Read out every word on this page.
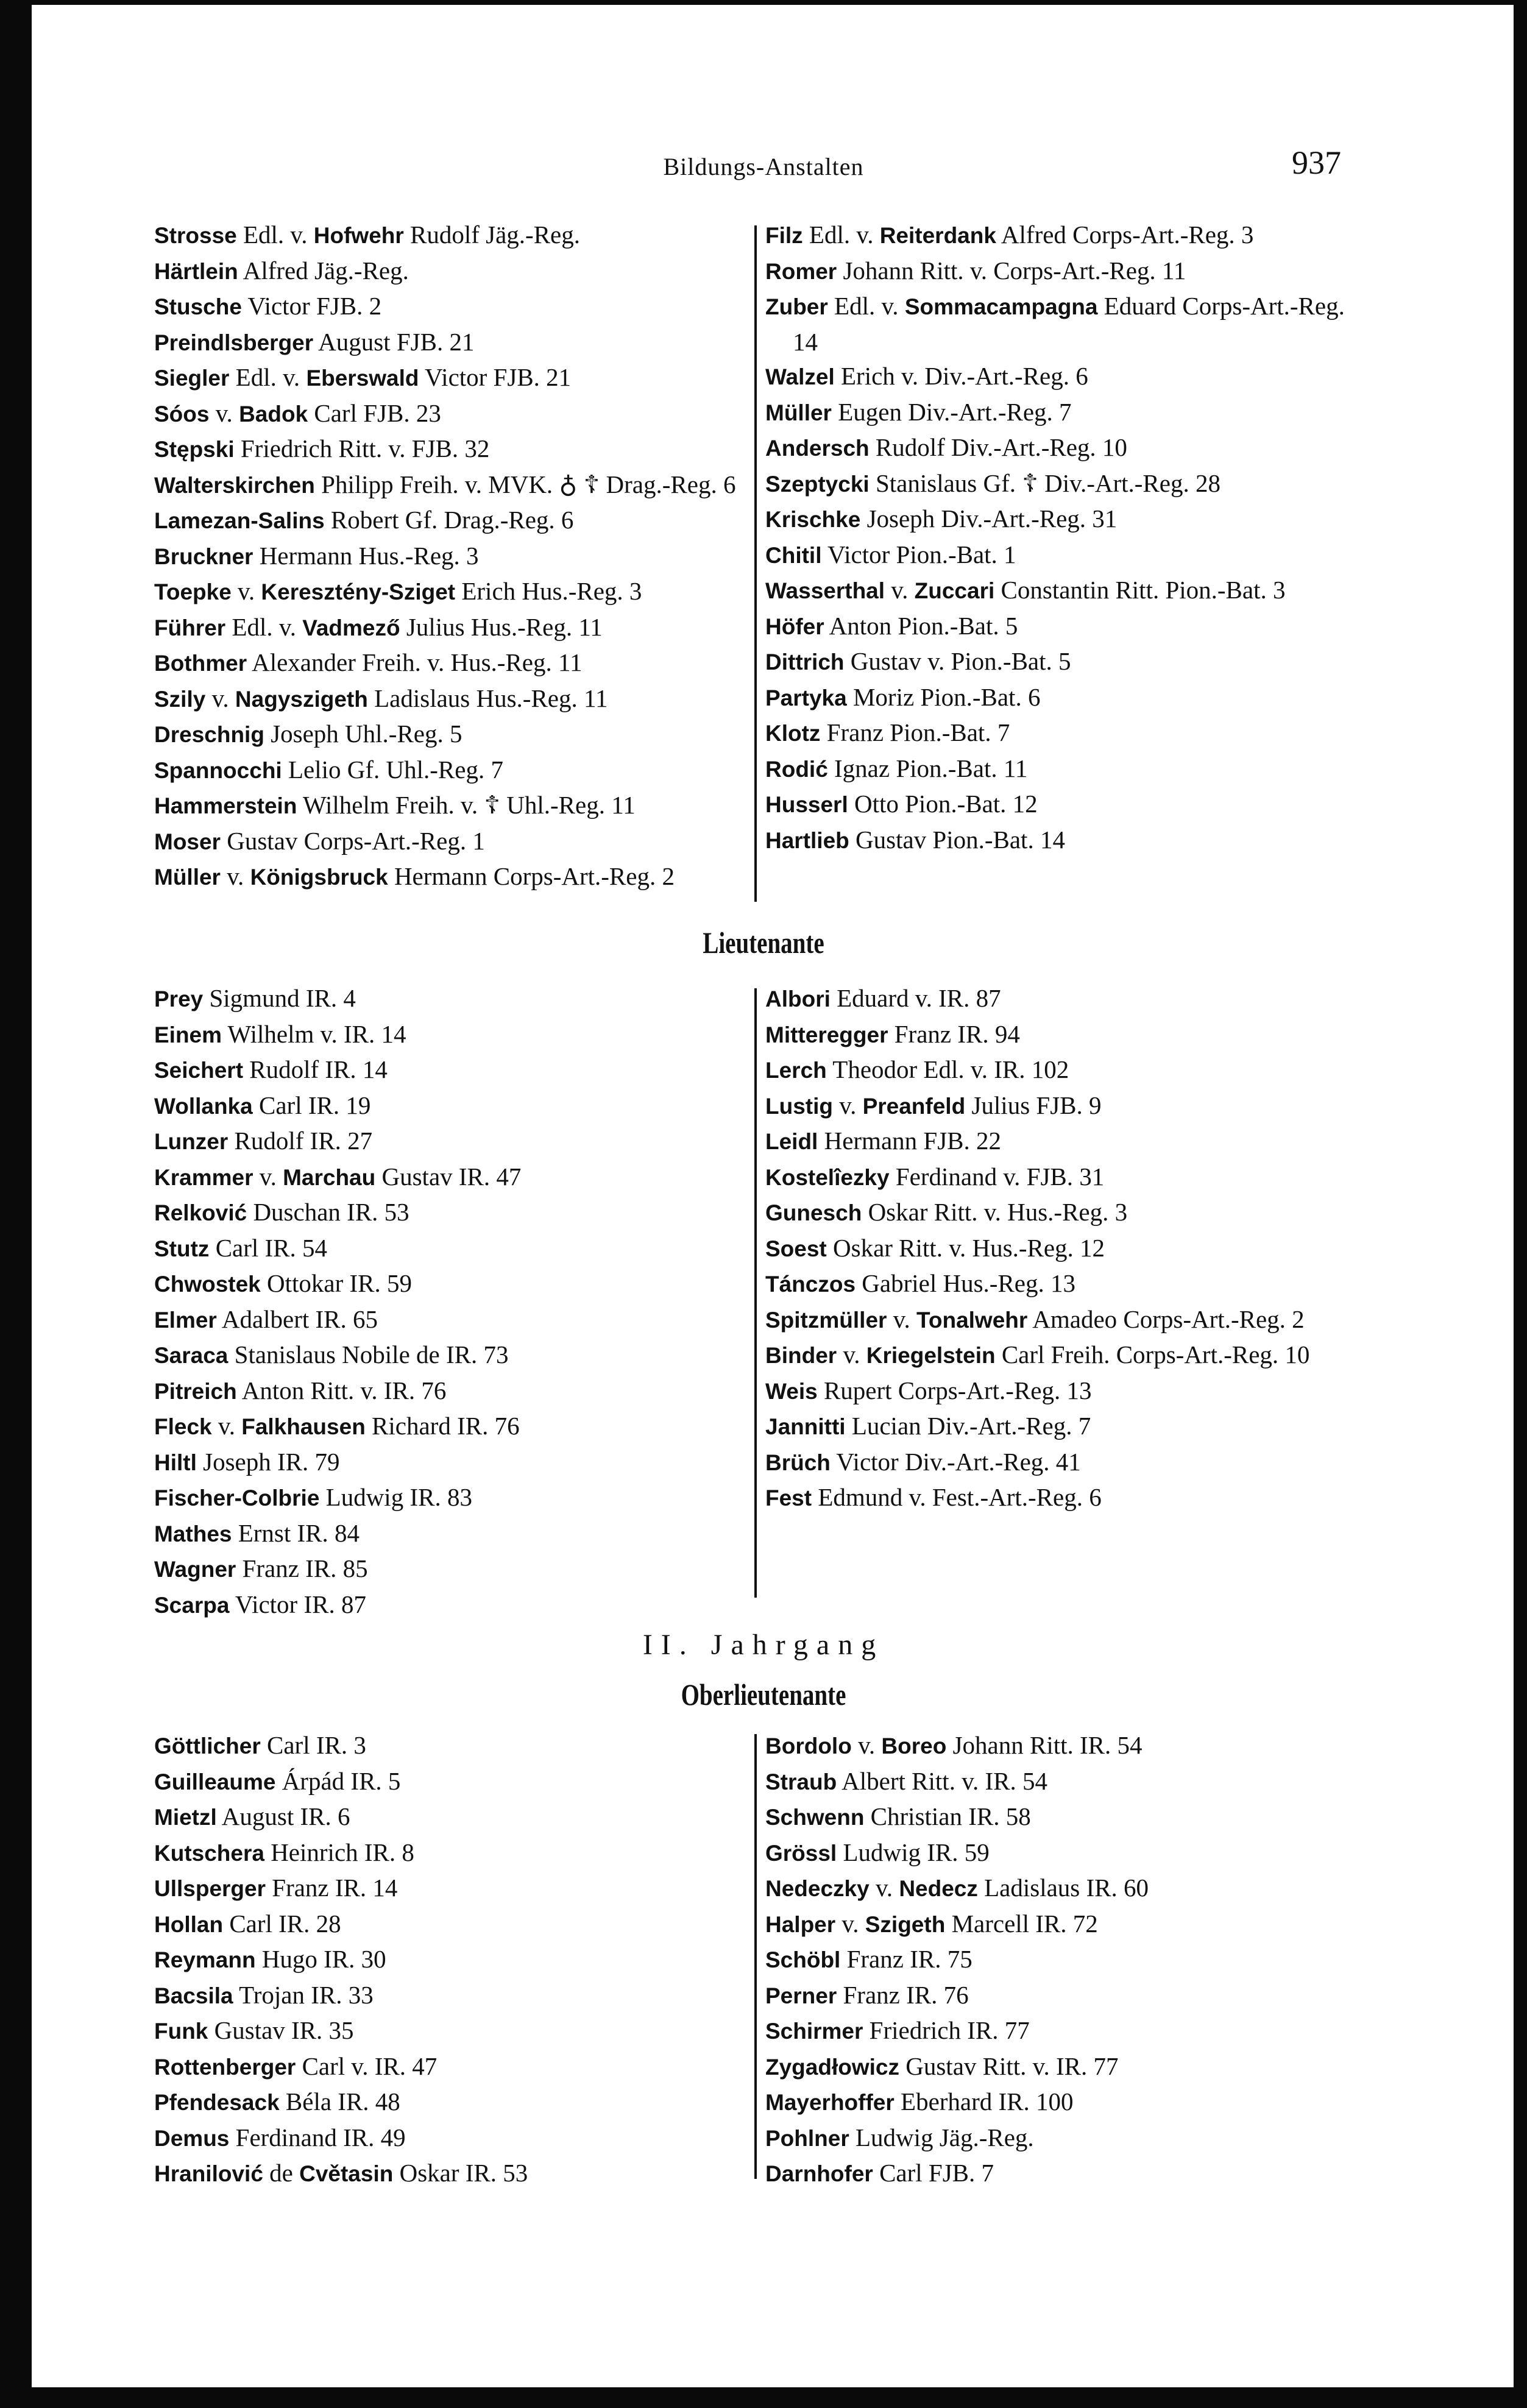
Bildungs-Anstalten	937
Strosse Edl. v. Hofwehr Rudolf Jäg.-Reg.
Härtlein Alfred Jäg.-Reg.
Stusche Victor FJB. 2
Preindlsberger August FJB. 21
Siegler Edl. v. Eberswald Victor FJB. 21
Sóos v. Badok Carl FJB. 23
Stępski Friedrich Ritt. v. FJB. 32
Walterskirchen Philipp Freih. v. MVK. ♁ ☦ Drag.-Reg. 6
Lamezan-Salins Robert Gf. Drag.-Reg. 6
Bruckner Hermann Hus.-Reg. 3
Toepke v. Keresztény-Sziget Erich Hus.-Reg. 3
Führer Edl. v. Vadmező Julius Hus.-Reg. 11
Bothmer Alexander Freih. v. Hus.-Reg. 11
Szily v. Nagyszigeth Ladislaus Hus.-Reg. 11
Dreschnig Joseph Uhl.-Reg. 5
Spannocchi Lelio Gf. Uhl.-Reg. 7
Hammerstein Wilhelm Freih. v. ☦ Uhl.-Reg. 11
Moser Gustav Corps-Art.-Reg. 1
Müller v. Königsbruck Hermann Corps-Art.-Reg. 2
Filz Edl. v. Reiterdank Alfred Corps-Art.-Reg. 3
Romer Johann Ritt. v. Corps-Art.-Reg. 11
Zuber Edl. v. Sommacampagna Eduard Corps-Art.-Reg. 14
Walzel Erich v. Div.-Art.-Reg. 6
Müller Eugen Div.-Art.-Reg. 7
Andersch Rudolf Div.-Art.-Reg. 10
Szeptycki Stanislaus Gf. ☦ Div.-Art.-Reg. 28
Krischke Joseph Div.-Art.-Reg. 31
Chitil Victor Pion.-Bat. 1
Wasserthal v. Zuccari Constantin Ritt. Pion.-Bat. 3
Höfer Anton Pion.-Bat. 5
Dittrich Gustav v. Pion.-Bat. 5
Partyka Moriz Pion.-Bat. 6
Klotz Franz Pion.-Bat. 7
Rodić Ignaz Pion.-Bat. 11
Husserl Otto Pion.-Bat. 12
Hartlieb Gustav Pion.-Bat. 14
Lieutenante
Prey Sigmund IR. 4
Einem Wilhelm v. IR. 14
Seichert Rudolf IR. 14
Wollanka Carl IR. 19
Lunzer Rudolf IR. 27
Krammer v. Marchau Gustav IR. 47
Relković Duschan IR. 53
Stutz Carl IR. 54
Chwostek Ottokar IR. 59
Elmer Adalbert IR. 65
Saraca Stanislaus Nobile de IR. 73
Pitreich Anton Ritt. v. IR. 76
Fleck v. Falkhausen Richard IR. 76
Hiltl Joseph IR. 79
Fischer-Colbrie Ludwig IR. 83
Mathes Ernst IR. 84
Wagner Franz IR. 85
Scarpa Victor IR. 87
Albori Eduard v. IR. 87
Mitteregger Franz IR. 94
Lerch Theodor Edl. v. IR. 102
Lustig v. Preanfeld Julius FJB. 9
Leidl Hermann FJB. 22
Kostelîezky Ferdinand v. FJB. 31
Gunesch Oskar Ritt. v. Hus.-Reg. 3
Soest Oskar Ritt. v. Hus.-Reg. 12
Tánczos Gabriel Hus.-Reg. 13
Spitzmüller v. Tonalwehr Amadeo Corps-Art.-Reg. 2
Binder v. Kriegelstein Carl Freih. Corps-Art.-Reg. 10
Weis Rupert Corps-Art.-Reg. 13
Jannitti Lucian Div.-Art.-Reg. 7
Brüch Victor Div.-Art.-Reg. 41
Fest Edmund v. Fest.-Art.-Reg. 6
II. Jahrgang
Oberlieutenante
Göttlicher Carl IR. 3
Guilleaume Árpád IR. 5
Mietzl August IR. 6
Kutschera Heinrich IR. 8
Ullsperger Franz IR. 14
Hollan Carl IR. 28
Reymann Hugo IR. 30
Bacsila Trojan IR. 33
Funk Gustav IR. 35
Rottenberger Carl v. IR. 47
Pfendesack Béla IR. 48
Demus Ferdinand IR. 49
Hranilović de Cvětasin Oskar IR. 53
Bordolo v. Boreo Johann Ritt. IR. 54
Straub Albert Ritt. v. IR. 54
Schwenn Christian IR. 58
Grössl Ludwig IR. 59
Nedeczky v. Nedecz Ladislaus IR. 60
Halper v. Szigeth Marcell IR. 72
Schöbl Franz IR. 75
Perner Franz IR. 76
Schirmer Friedrich IR. 77
Zygadłowicz Gustav Ritt. v. IR. 77
Mayerhoffer Eberhard IR. 100
Pohlner Ludwig Jäg.-Reg.
Darnhofer Carl FJB. 7
